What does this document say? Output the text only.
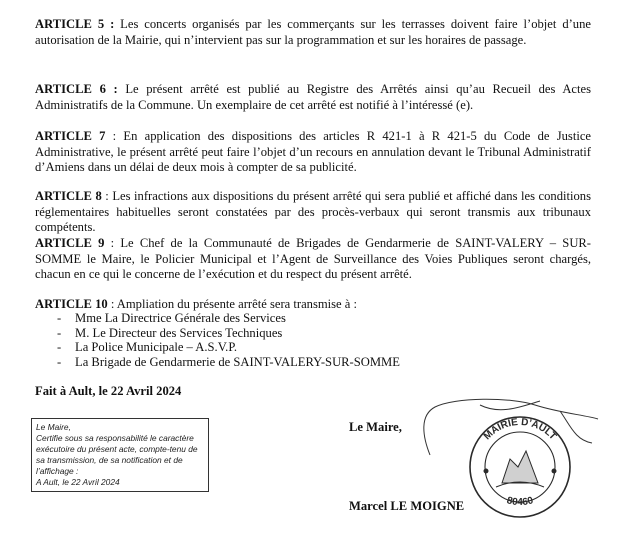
ARTICLE 5 : Les concerts organisés par les commerçants sur les terrasses doivent faire l’objet d’une autorisation de la Mairie, qui n’intervient pas sur la programmation et sur les horaires de passage.

ARTICLE 6 : Le présent arrêté est publié au Registre des Arrêtés ainsi qu’au Recueil des Actes Administratifs de la Commune. Un exemplaire de cet arrêté est notifié à l’intéressé (e).

ARTICLE 7 : En application des dispositions des articles R 421-1 à R 421-5 du Code de Justice Administrative, le présent arrêté peut faire l’objet d’un recours en annulation devant le Tribunal Administratif d’Amiens dans un délai de deux mois à compter de sa publicité.

ARTICLE 8 : Les infractions aux dispositions du présent arrêté qui sera publié et affiché dans les conditions réglementaires habituelles seront constatées par des procès-verbaux qui seront transmis aux tribunaux compétents.

ARTICLE 9 : Le Chef de la Communauté de Brigades de Gendarmerie de SAINT-VALERY – SUR-SOMME le Maire, le Policier Municipal et l’Agent de Surveillance des Voies Publiques seront chargés, chacun en ce qui le concerne de l’exécution et du respect du présent arrêté.

ARTICLE 10 : Ampliation du présente arrêté sera transmise à :

- Mme La Directrice Générale des Services
- M. Le Directeur des Services Techniques
- La Police Municipale – A.S.V.P.
- La Brigade de Gendarmerie de SAINT-VALERY-SUR-SOMME
Fait à Ault, le 22 Avril 2024
Le Maire,
Certifie sous sa responsabilité le caractère exécutoire du présent acte, compte-tenu de sa transmission, de sa notification et de l’affichage :
A Ault, le 22 Avril 2024
Le Maire,
MAIRIE D’AULT
80460
Marcel LE MOIGNE
